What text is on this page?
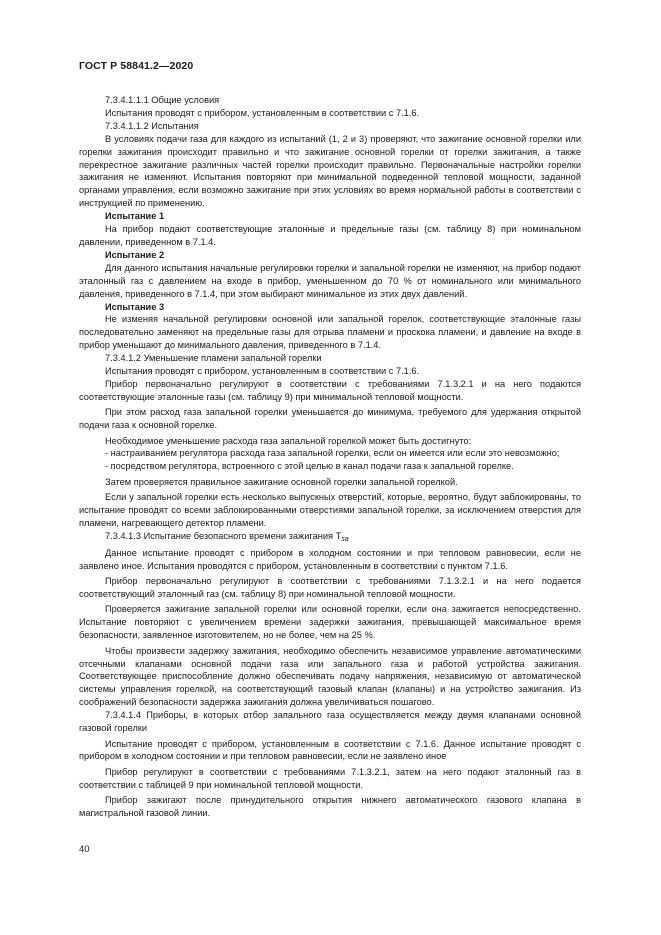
ГОСТ Р 58841.2—2020

7.3.4.1.1.1 Общие условия

Испытания проводят с прибором, установленным в соответствии с 7.1.6.

7.3.4.1.1.2 Испытания

В условиях подачи газа для каждого из испытаний (1, 2 и 3) проверяют, что зажигание основной горелки или горелки зажигания происходит правильно и что зажигание основной горелки от горелки зажигания, а также перекрестное зажигание различных частей горелки происходит правильно. Первоначальные настройки горелки зажигания не изменяют. Испытания повторяют при минимальной подведенной тепловой мощности, заданной органами управления, если возможно зажигание при этих условиях во время нормальной работы в соответствии с инструкцией по применению.

Испытание 1

На прибор подают соответствующие эталонные и предельные газы (см. таблицу 8) при номинальном давлении, приведенном в 7.1.4.

Испытание 2

Для данного испытания начальные регулировки горелки и запальной горелки не изменяют, на прибор подают эталонный газ с давлением на входе в прибор, уменьшенном до 70 % от номинального или минимального давления, приведенного в 7.1.4, при этом выбирают минимальное из этих двух давлений.

Испытание 3

Не изменяя начальной регулировки основной или запальной горелок, соответствующие эталонные газы последовательно заменяют на предельные газы для отрыва пламени и проскока пламени, и давление на входе в прибор уменьшают до минимального давления, приведенного в 7.1.4.

7.3.4.1.2 Уменьшение пламени запальной горелки

Испытания проводят с прибором, установленным в соответствии с 7.1.6.

Прибор первоначально регулируют в соответствии с требованиями 7.1.3.2.1 и на него подаются соответствующие эталонные газы (см. таблицу 9) при минимальной тепловой мощности.

При этом расход газа запальной горелки уменьшается до минимума, требуемого для удержания открытой подачи газа к основной горелке.

Необходимое уменьшение расхода газа запальной горелкой может быть достигнуто:

- настраиванием регулятора расхода газа запальной горелки, если он имеется или если это невозможно;

- посредством регулятора, встроенного с этой целью в канал подачи газа к запальной горелке.

Затем проверяется правильное зажигание основной горелки запальной горелкой.

Если у запальной горелки есть несколько выпускных отверстий, которые, вероятно, будут заблокированы, то испытание проводят со всеми заблокированными отверстиями запальной горелки, за исключением отверстия для пламени, нагревающего детектор пламени.

7.3.4.1.3 Испытание безопасного времени зажигания $T_{sa}$

Данное испытание проводят с прибором в холодном состоянии и при тепловом равновесии, если не заявлено иное. Испытания проводятся с прибором, установленным в соответствии с пунктом 7.1.6.

Прибор первоначально регулируют в соответствии с требованиями 7.1.3.2.1 и на него подается соответствующий эталонный газ (см. таблицу 8) при номинальной тепловой мощности.

Проверяется зажигание запальной горелки или основной горелки, если она зажигается непосредственно. Испытание повторяют с увеличением времени задержки зажигания, превышающей максимальное время безопасности, заявленное изготовителем, но не более, чем на 25 %.

Чтобы произвести задержку зажигания, необходимо обеспечить независимое управление автоматическими отсечными клапанами основной подачи газа или запального газа и работой устройства зажигания. Соответствующее приспособление должно обеспечивать подачу напряжения, независимую от автоматической системы управления горелкой, на соответствующий газовый клапан (клапаны) и на устройство зажигания. Из соображений безопасности задержка зажигания должна увеличиваться пошагово.

7.3.4.1.4 Приборы, в которых отбор запального газа осуществляется между двумя клапанами основной газовой горелки

Испытание проводят с прибором, установленным в соответствии с 7.1.6. Данное испытание проводят с прибором в холодном состоянии и при тепловом равновесии, если не заявлено иное

Прибор регулируют в соответствии с требованиями 7.1.3.2.1, затем на него подают эталонный газ в соответствии с таблицей 9 при номинальной тепловой мощности.

Прибор зажигают после принудительного открытия нижнего автоматического газового клапана в магистральной газовой линии.

40
